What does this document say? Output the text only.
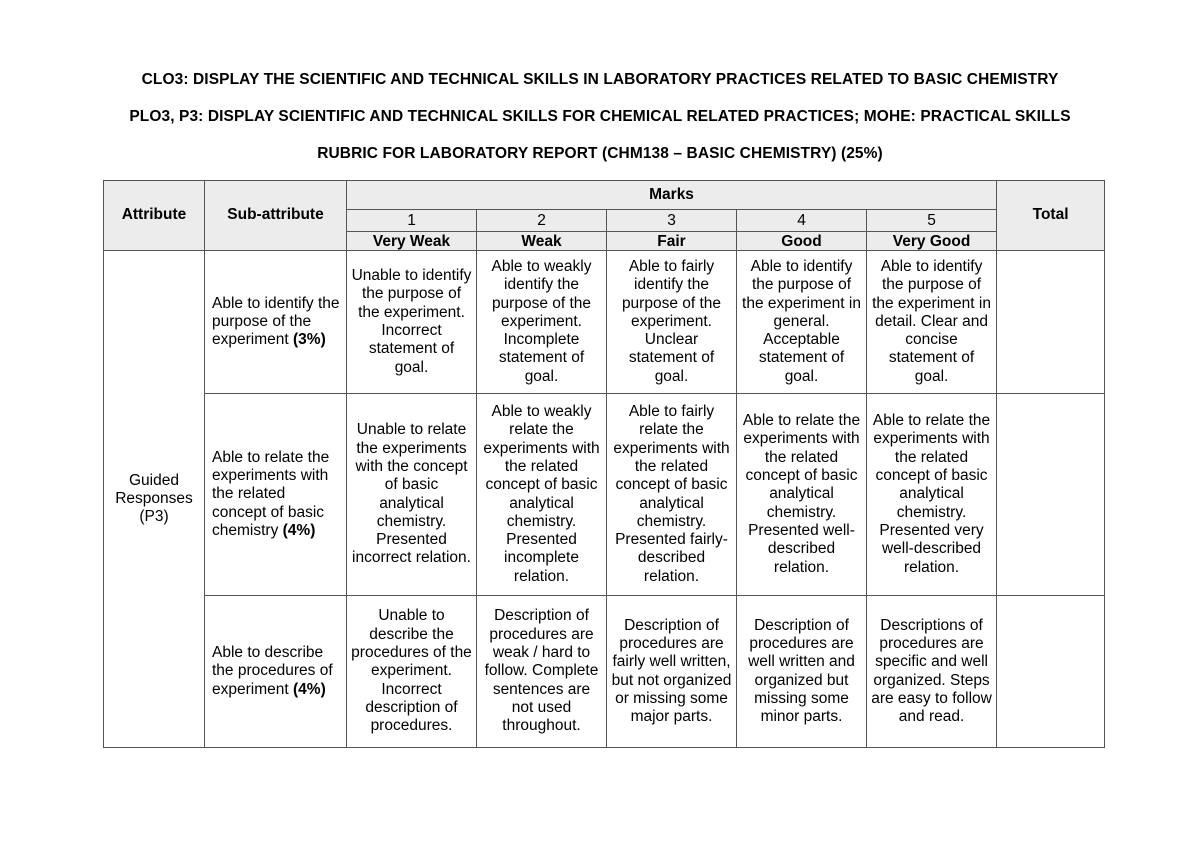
CLO3: DISPLAY THE SCIENTIFIC AND TECHNICAL SKILLS IN LABORATORY PRACTICES RELATED TO BASIC CHEMISTRY
PLO3, P3: DISPLAY SCIENTIFIC AND TECHNICAL SKILLS FOR CHEMICAL RELATED PRACTICES; MOHE: PRACTICAL SKILLS
RUBRIC FOR LABORATORY REPORT (CHM138 – BASIC CHEMISTRY) (25%)
Attribute	Sub-attribute	Marks					Total
		1	2	3	4	5	
		Very Weak	Weak	Fair	Good	Very Good	
Guided Responses (P3)	Able to identify the purpose of the experiment (3%)	Unable to identify the purpose of the experiment. Incorrect statement of goal.	Able to weakly identify the purpose of the experiment. Incomplete statement of goal.	Able to fairly identify the purpose of the experiment. Unclear statement of goal.	Able to identify the purpose of the experiment in general. Acceptable statement of goal.	Able to identify the purpose of the experiment in detail. Clear and concise statement of goal.	
	Able to relate the experiments with the related concept of basic chemistry (4%)	Unable to relate the experiments with the concept of basic analytical chemistry. Presented incorrect relation.	Able to weakly relate the experiments with the related concept of basic analytical chemistry. Presented incomplete relation.	Able to fairly relate the experiments with the related concept of basic analytical chemistry. Presented fairly-described relation.	Able to relate the experiments with the related concept of basic analytical chemistry. Presented well-described relation.	Able to relate the experiments with the related concept of basic analytical chemistry. Presented very well-described relation.	
	Able to describe the procedures of experiment (4%)	Unable to describe the procedures of the experiment. Incorrect description of procedures.	Description of procedures are weak / hard to follow. Complete sentences are not used throughout.	Description of procedures are fairly well written, but not organized or missing some major parts.	Description of procedures are well written and organized but missing some minor parts.	Descriptions of procedures are specific and well organized. Steps are easy to follow and read.	
